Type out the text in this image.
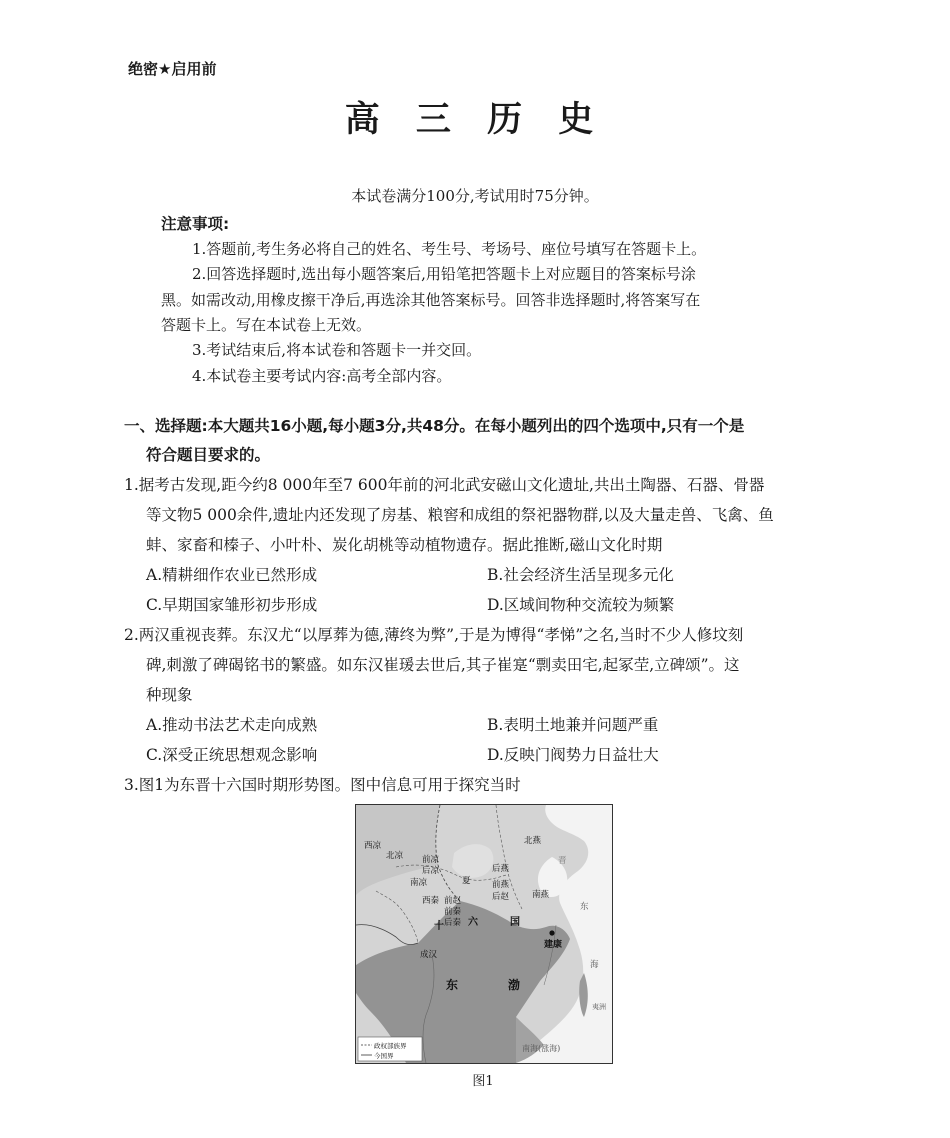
绝密★启用前
高 三 历 史
本试卷满分100分,考试用时75分钟。
注意事项:
1.答题前,考生务必将自己的姓名、考生号、考场号、座位号填写在答题卡上。
2.回答选择题时,选出每小题答案后,用铅笔把答题卡上对应题目的答案标号涂
黑。如需改动,用橡皮擦干净后,再选涂其他答案标号。回答非选择题时,将答案写在
答题卡上。写在本试卷上无效。
3.考试结束后,将本试卷和答题卡一并交回。
4.本试卷主要考试内容:高考全部内容。
一、选择题:本大题共16小题,每小题3分,共48分。在每小题列出的四个选项中,只有一个是
符合题目要求的。
1.据考古发现,距今约8 000年至7 600年前的河北武安磁山文化遗址,共出土陶器、石器、骨器
等文物5 000余件,遗址内还发现了房基、粮窖和成组的祭祀器物群,以及大量走兽、飞禽、鱼
蚌、家畜和榛子、小叶朴、炭化胡桃等动植物遗存。据此推断,磁山文化时期
A.精耕细作农业已然形成	B.社会经济生活呈现多元化
C.早期国家雏形初步形成	D.区域间物种交流较为频繁
2.两汉重视丧葬。东汉尤“以厚葬为德,薄终为弊”,于是为博得“孝悌”之名,当时不少人修坟刻
碑,刺激了碑碣铭书的繁盛。如东汉崔瑗去世后,其子崔寔“剽卖田宅,起冢茔,立碑颂”。这
种现象
A.推动书法艺术走向成熟	B.表明土地兼并问题严重
C.深受正统思想观念影响	D.反映门阀势力日益壮大
3.图1为东晋十六国时期形势图。图中信息可用于探究当时
西凉
北凉 前凉
后凉
南凉
西秦 前赵
前秦
后秦
夏
北燕
后燕
前燕
后赵	南燕
成汉
晋
东
海
夷洲
南海(涨海)
十 六	国
建康
东	渤
政权部族界
今国界
图1
